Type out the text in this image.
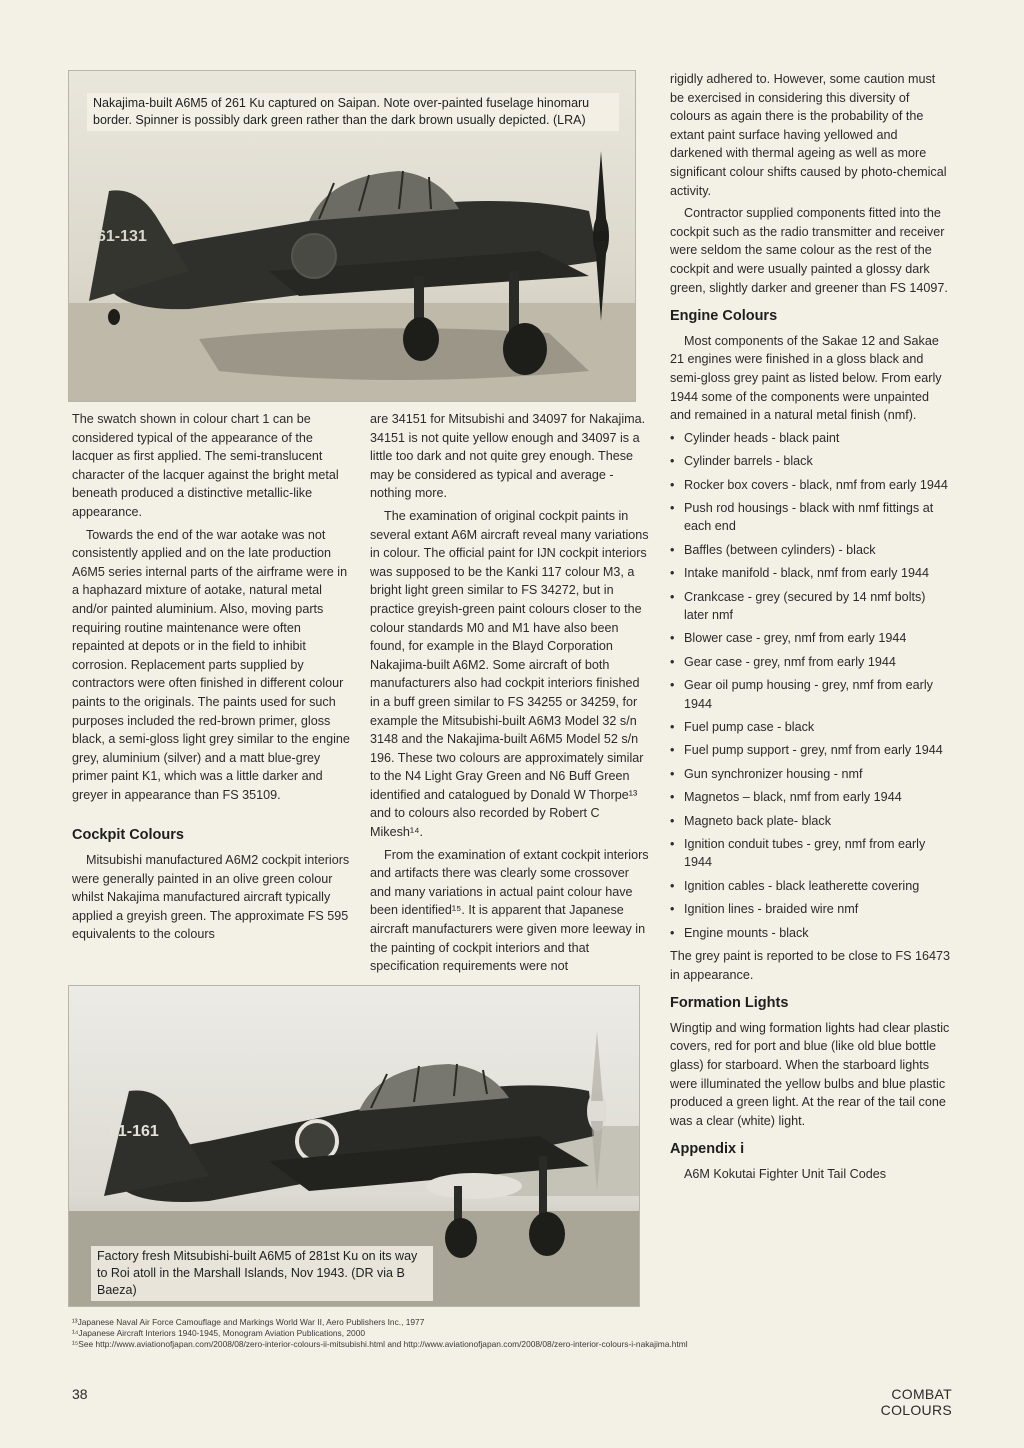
61-131
Nakajima-built A6M5 of 261 Ku captured on Saipan. Note over-painted fuselage hinomaru border. Spinner is possibly dark green rather than the dark brown usually depicted. (LRA)

The swatch shown in colour chart 1 can be considered typical of the appearance of the lacquer as first applied. The semi-translucent character of the lacquer against the bright metal beneath produced a distinctive metallic-like appearance.

Towards the end of the war aotake was not consistently applied and on the late production A6M5 series internal parts of the airframe were in a haphazard mixture of aotake, natural metal and/or painted aluminium. Also, moving parts requiring routine maintenance were often repainted at depots or in the field to inhibit corrosion. Replacement parts supplied by contractors were often finished in different colour paints to the originals. The paints used for such purposes included the red-brown primer, gloss black, a semi-gloss light grey similar to the engine grey, aluminium (silver) and a matt blue-grey primer paint K1, which was a little darker and greyer in appearance than FS 35109.

Cockpit Colours

Mitsubishi manufactured A6M2 cockpit interiors were generally painted in an olive green colour whilst Nakajima manufactured aircraft typically applied a greyish green. The approximate FS 595 equivalents to the colours

are 34151 for Mitsubishi and 34097 for Nakajima. 34151 is not quite yellow enough and 34097 is a little too dark and not quite grey enough. These may be considered as typical and average - nothing more.

The examination of original cockpit paints in several extant A6M aircraft reveal many variations in colour. The official paint for IJN cockpit interiors was supposed to be the Kanki 117 colour M3, a bright light green similar to FS 34272, but in practice greyish-green paint colours closer to the colour standards M0 and M1 have also been found, for example in the Blayd Corporation Nakajima-built A6M2. Some aircraft of both manufacturers also had cockpit interiors finished in a buff green similar to FS 34255 or 34259, for example the Mitsubishi-built A6M3 Model 32 s/n 3148 and the Nakajima-built A6M5 Model 52 s/n 196. These two colours are approximately similar to the N4 Light Gray Green and N6 Buff Green identified and catalogued by Donald W Thorpe¹³ and to colours also recorded by Robert C Mikesh¹⁴.

From the examination of extant cockpit interiors and artifacts there was clearly some crossover and many variations in actual paint colour have been identified¹⁵. It is apparent that Japanese aircraft manufacturers were given more leeway in the painting of cockpit interiors and that specification requirements were not

rigidly adhered to. However, some caution must be exercised in considering this diversity of colours as again there is the probability of the extant paint surface having yellowed and darkened with thermal ageing as well as more significant colour shifts caused by photo-chemical activity.

Contractor supplied components fitted into the cockpit such as the radio transmitter and receiver were seldom the same colour as the rest of the cockpit and were usually painted a glossy dark green, slightly darker and greener than FS 14097.

Engine Colours

Most components of the Sakae 12 and Sakae 21 engines were finished in a gloss black and semi-gloss grey paint as listed below. From early 1944 some of the components were unpainted and remained in a natural metal finish (nmf).

• Cylinder heads - black paint
• Cylinder barrels - black
• Rocker box covers - black, nmf from early 1944
• Push rod housings - black with nmf fittings at each end
• Baffles (between cylinders) - black
• Intake manifold - black, nmf from early 1944
• Crankcase - grey (secured by 14 nmf bolts) later nmf
• Blower case - grey, nmf from early 1944
• Gear case - grey, nmf from early 1944
• Gear oil pump housing - grey, nmf from early 1944
• Fuel pump case - black
• Fuel pump support - grey, nmf from early 1944
• Gun synchronizer housing - nmf
• Magnetos – black, nmf from early 1944
• Magneto back plate- black
• Ignition conduit tubes - grey, nmf from early 1944
• Ignition cables - black leatherette covering
• Ignition lines - braided wire nmf
• Engine mounts - black

The grey paint is reported to be close to FS 16473 in appearance.

Formation Lights

Wingtip and wing formation lights had clear plastic covers, red for port and blue (like old blue bottle glass) for starboard. When the starboard lights were illuminated the yellow bulbs and blue plastic produced a green light. At the rear of the tail cone was a clear (white) light.

Appendix i

A6M Kokutai Fighter Unit Tail Codes

81-161
Factory fresh Mitsubishi-built A6M5 of 281st Ku on its way to Roi atoll in the Marshall Islands, Nov 1943. (DR via B Baeza)
¹³Japanese Naval Air Force Camouflage and Markings World War II, Aero Publishers Inc., 1977
¹⁴Japanese Aircraft Interiors 1940-1945, Monogram Aviation Publications, 2000
¹⁵See http://www.aviationofjapan.com/2008/08/zero-interior-colours-ii-mitsubishi.html and http://www.aviationofjapan.com/2008/08/zero-interior-colours-i-nakajima.html
38	COMBAT COLOURS
